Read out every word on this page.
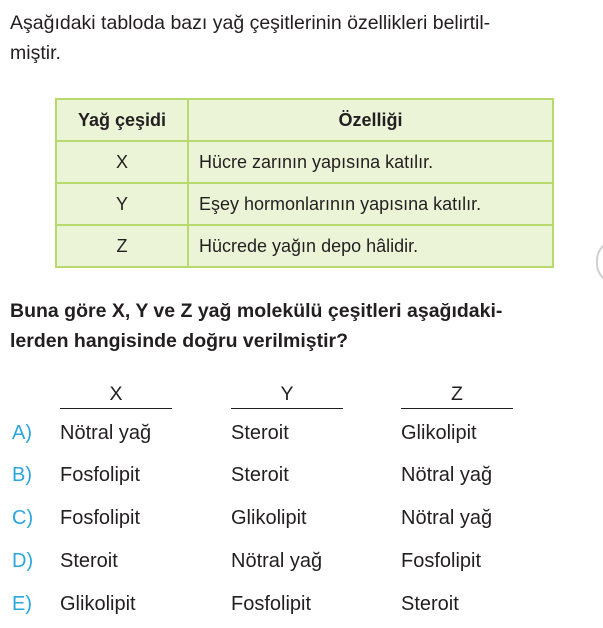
Aşağıdaki tabloda bazı yağ çeşitlerinin özellikleri belirtil-
miştir.

Yağ çeşidi	Özelliği
X	Hücre zarının yapısına katılır.
Y	Eşey hormonlarının yapısına katılır.
Z	Hücrede yağın depo hâlidir.

Buna göre X, Y ve Z yağ molekülü çeşitleri aşağıdaki-
lerden hangisinde doğru verilmiştir?

X	Y	Z
A) Nötral yağ	Steroit	Glikolipit
B) Fosfolipit	Steroit	Nötral yağ
C) Fosfolipit	Glikolipit	Nötral yağ
D) Steroit	Nötral yağ	Fosfolipit
E) Glikolipit	Fosfolipit	Steroit
